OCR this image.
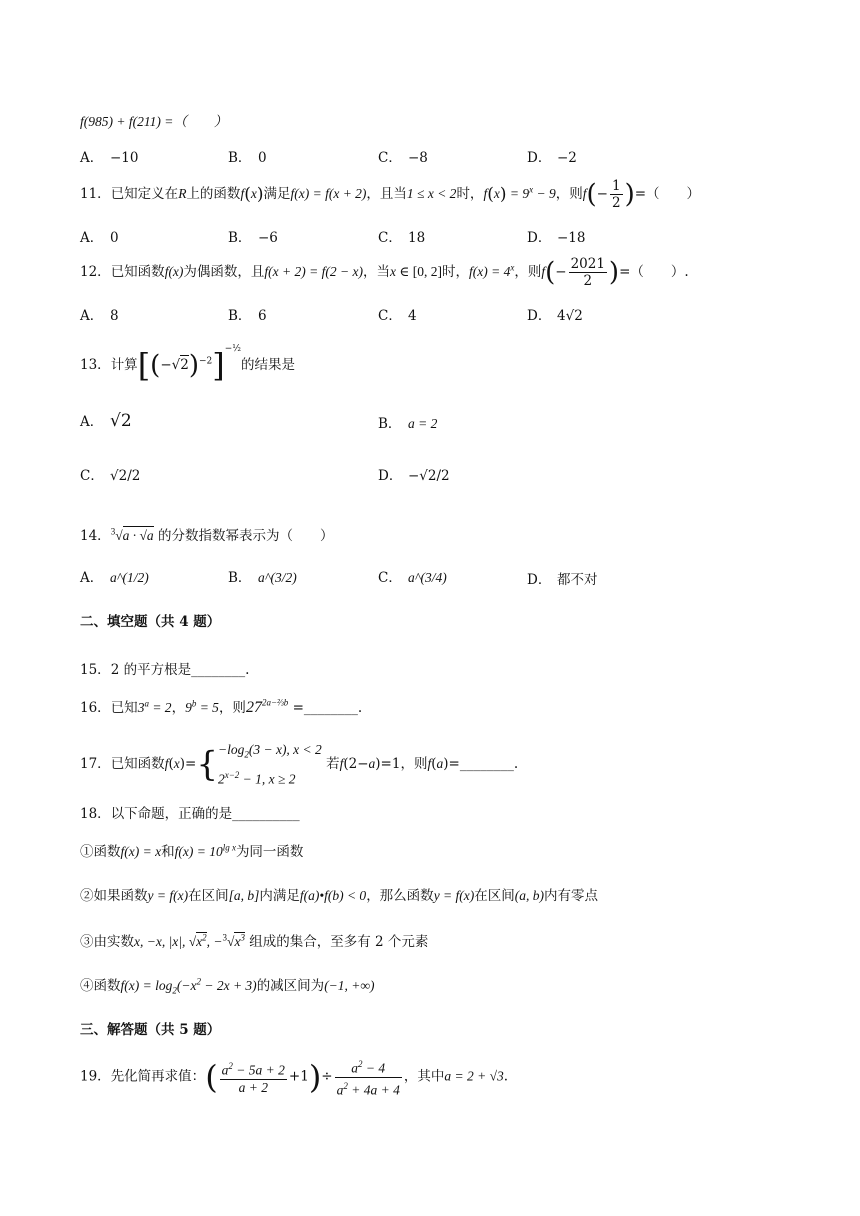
f(985) + f(211) =（　　）
A． −10	B． 0	C． −8	D． −2
11．已知定义在R上的函数f(x)满足f(x) = f(x + 2)，且当1 ≤ x < 2时，$f(x) = 9^x - 9$，则$f(- \frac{1}{2}$ )=（　　）
A． 0	B． −6	C． 18	D． −18
12．已知函数f(x)为偶函数，且f(x + 2) = f(2 − x)，当x ∈ [0, 2]时，$f(x) = 4^x$，则$f(- \frac{2021}{2}$ )=（　　）.
A． 8	B． 6	C． 4	D． 4√2
13．计算$[(-√2)^{-2}]^{-\frac{1}{2}}$的结果是
A． √2	B． a = 2
C． √2/2	D． −√2/2
14．$^3$√a · √a 的分数指数幂表示为（　　）
A． a^(1/2)	B． a^(3/2)	C． a^(3/4)	D． 都不对
二、填空题（共 4 题）
15．2 的平方根是________.
16．已知$3^a = 2$，$9^b = 5$，则$27^{2a-\frac{2}{3}b}$ =________.
17．已知函数$f(x)=\{ -\log_2(3 - x)$, x < 2
$2^{x-2} - 1$, x ≥ 2
若f(2−a)=1，则f(a)=________.
18．以下命题，正确的是__________
①函数f(x) = x和$f(x) = 10^{lg x}$为同一函数
②如果函数y = f(x)在区间[a, b]内满足f(a)•f(b) < 0，那么函数y = f(x)在区间(a, b)内有零点
③由实数x, −x, |x|, $√x^2$, $-^3√x^3$ 组成的集合，至多有 2 个元素
④函数$f(x) = \log_2(-x^2 - 2x + 3)$的减区间为(−1, +∞)
三、解答题（共 5 题）
19．先化简再求值：( $\frac{a^2 - 5a + 2}{a + 2} +1)\div \frac{a^2 - 4}{a^2 + 4a + 4}$ ，其中a = 2 + √3.
